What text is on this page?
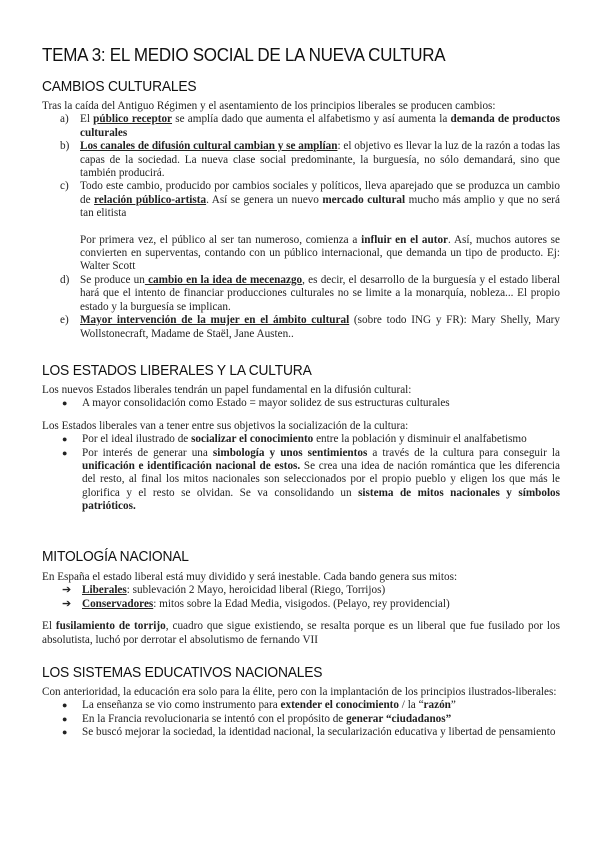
TEMA 3: EL MEDIO SOCIAL DE LA NUEVA CULTURA
CAMBIOS CULTURALES

Tras la caída del Antiguo Régimen y el asentamiento de los principios liberales se producen cambios:

a) El público receptor se amplía dado que aumenta el alfabetismo y así aumenta la demanda de productos culturales
b) Los canales de difusión cultural cambian y se amplían: el objetivo es llevar la luz de la razón a todas las capas de la sociedad. La nueva clase social predominante, la burguesía, no sólo demandará, sino que también producirá.
c) Todo este cambio, producido por cambios sociales y políticos, lleva aparejado que se produzca un cambio de relación público-artista. Así se genera un nuevo mercado cultural mucho más amplio y que no será tan elitista
Por primera vez, el público al ser tan numeroso, comienza a influir en el autor. Así, muchos autores se convierten en superventas, contando con un público internacional, que demanda un tipo de producto. Ej: Walter Scott
d) Se produce un cambio en la idea de mecenazgo, es decir, el desarrollo de la burguesía y el estado liberal hará que el intento de financiar producciones culturales no se limite a la monarquía, nobleza... El propio estado y la burguesía se implican.
e) Mayor intervención de la mujer en el ámbito cultural (sobre todo ING y FR): Mary Shelly, Mary Wollstonecraft, Madame de Staël, Jane Austen..
LOS ESTADOS LIBERALES Y LA CULTURA

Los nuevos Estados liberales tendrán un papel fundamental en la difusión cultural:

● A mayor consolidación como Estado = mayor solidez de sus estructuras culturales

Los Estados liberales van a tener entre sus objetivos la socialización de la cultura:

● Por el ideal ilustrado de socializar el conocimiento entre la población y disminuir el analfabetismo
● Por interés de generar una simbología y unos sentimientos a través de la cultura para conseguir la unificación e identificación nacional de estos. Se crea una idea de nación romántica que les diferencia del resto, al final los mitos nacionales son seleccionados por el propio pueblo y eligen los que más le glorifica y el resto se olvidan. Se va consolidando un sistema de mitos nacionales y símbolos patrióticos.
MITOLOGÍA NACIONAL

En España el estado liberal está muy dividido y será inestable. Cada bando genera sus mitos:

➔ Liberales: sublevación 2 Mayo, heroicidad liberal (Riego, Torrijos)
➔ Conservadores: mitos sobre la Edad Media, visigodos. (Pelayo, rey providencial)

El fusilamiento de torrijo, cuadro que sigue existiendo, se resalta porque es un liberal que fue fusilado por los absolutista, luchó por derrotar el absolutismo de fernando VII

LOS SISTEMAS EDUCATIVOS NACIONALES

Con anterioridad, la educación era solo para la élite, pero con la implantación de los principios ilustrados-liberales:

● La enseñanza se vio como instrumento para extender el conocimiento / la “razón”
● En la Francia revolucionaria se intentó con el propósito de generar “ciudadanos”
● Se buscó mejorar la sociedad, la identidad nacional, la secularización educativa y libertad de pensamiento
